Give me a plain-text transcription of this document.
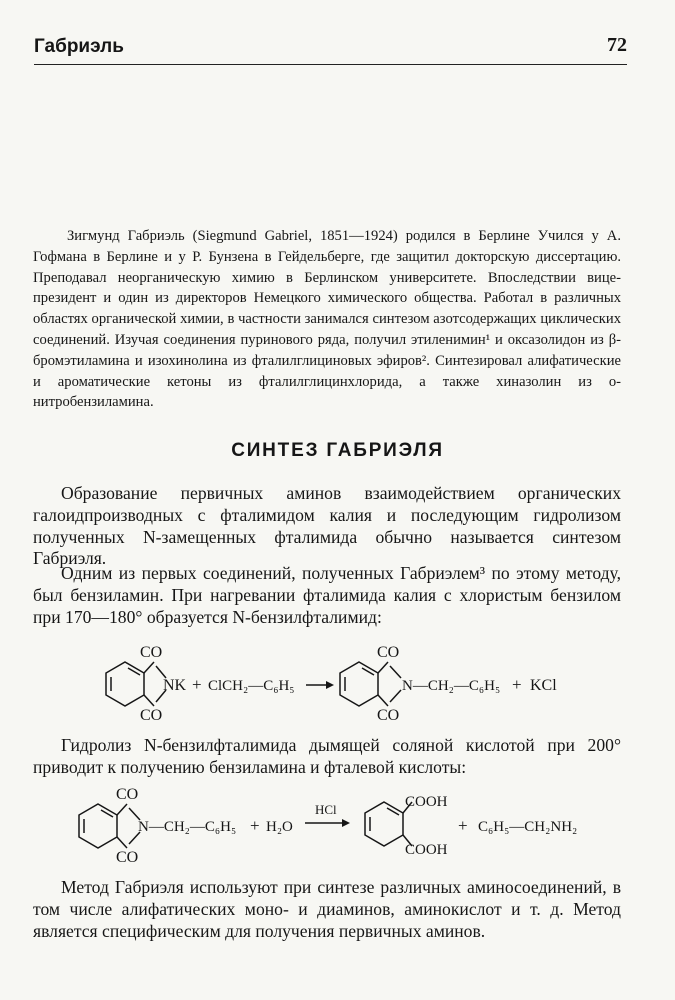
Габриэль	72

Зигмунд Габриэль (Siegmund Gabriel, 1851—1924) родился в Берлине Учился у А. Гофмана в Берлине и у Р. Бунзена в Гейдельберге, где защитил докторскую диссертацию. Преподавал неорганическую химию в Берлинском университете. Впоследствии вице-президент и один из директоров Немецкого химического общества. Работал в различных областях органической химии, в частности занимался синтезом азотсодержащих циклических соединений. Изучая соединения пуринового ряда, получил этиленимин¹ и оксазолидон из β-бромэтиламина и изохинолина из фталилглициновых эфиров². Синтезировал алифатические и ароматические кетоны из фталилглицинхлорида, а также хиназолин из о-нитробензиламина.

СИНТЕЗ ГАБРИЭЛЯ

Образование первичных аминов взаимодействием органических галоидпроизводных с фталимидом калия и последующим гидролизом полученных N-замещенных фталимида обычно называется синтезом Габриэля.

Одним из первых соединений, полученных Габриэлем³ по этому методу, был бензиламин. При нагревании фталимида калия с хлористым бензилом при 170—180° образуется N-бензилфталимид:

Гидролиз N-бензилфталимида дымящей соляной кислотой при 200° приводит к получению бензиламина и фталевой кислоты:

Метод Габриэля используют при синтезе различных аминосоединений, в том числе алифатических моно- и диаминов, аминокислот и т. д. Метод является специфическим для получения первичных аминов.

CO
CO
NK + ClCH₂—C₆H₅
CO
CO
N—CH₂—C₆H₅ + KCl
CO
CO
N—CH₂—C₆H₅ + H₂O
HCl	COOH
COOH
+ C₆H₅—CH₂NH₂
